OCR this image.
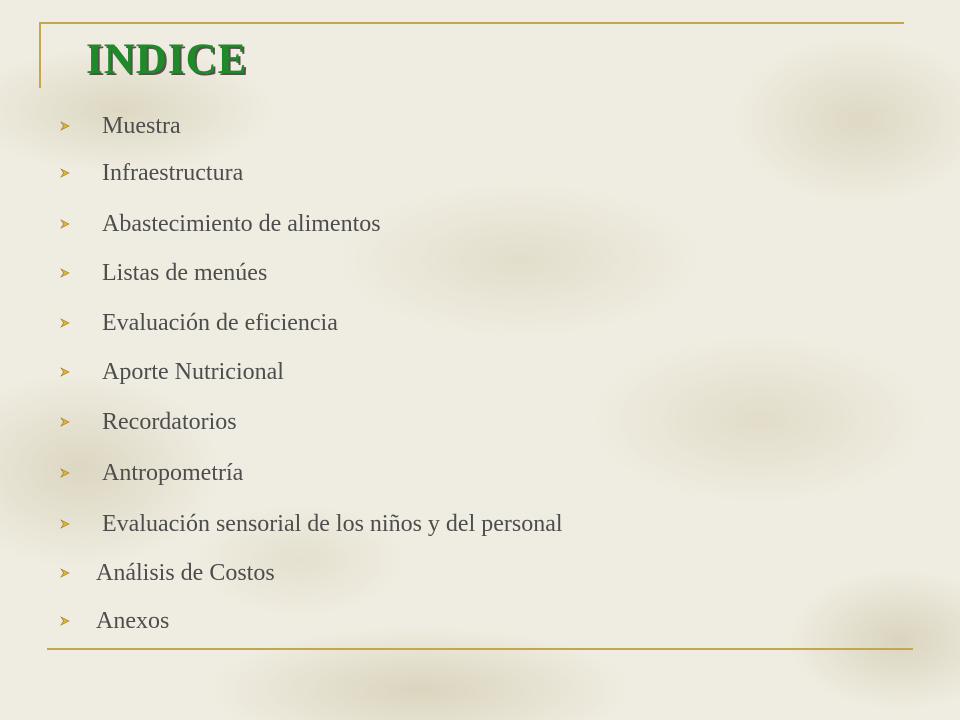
INDICE
Muestra
Infraestructura
Abastecimiento de alimentos
Listas de menúes
Evaluación de eficiencia
Aporte Nutricional
Recordatorios
Antropometría
Evaluación sensorial de los niños y del personal
Análisis de Costos
Anexos
